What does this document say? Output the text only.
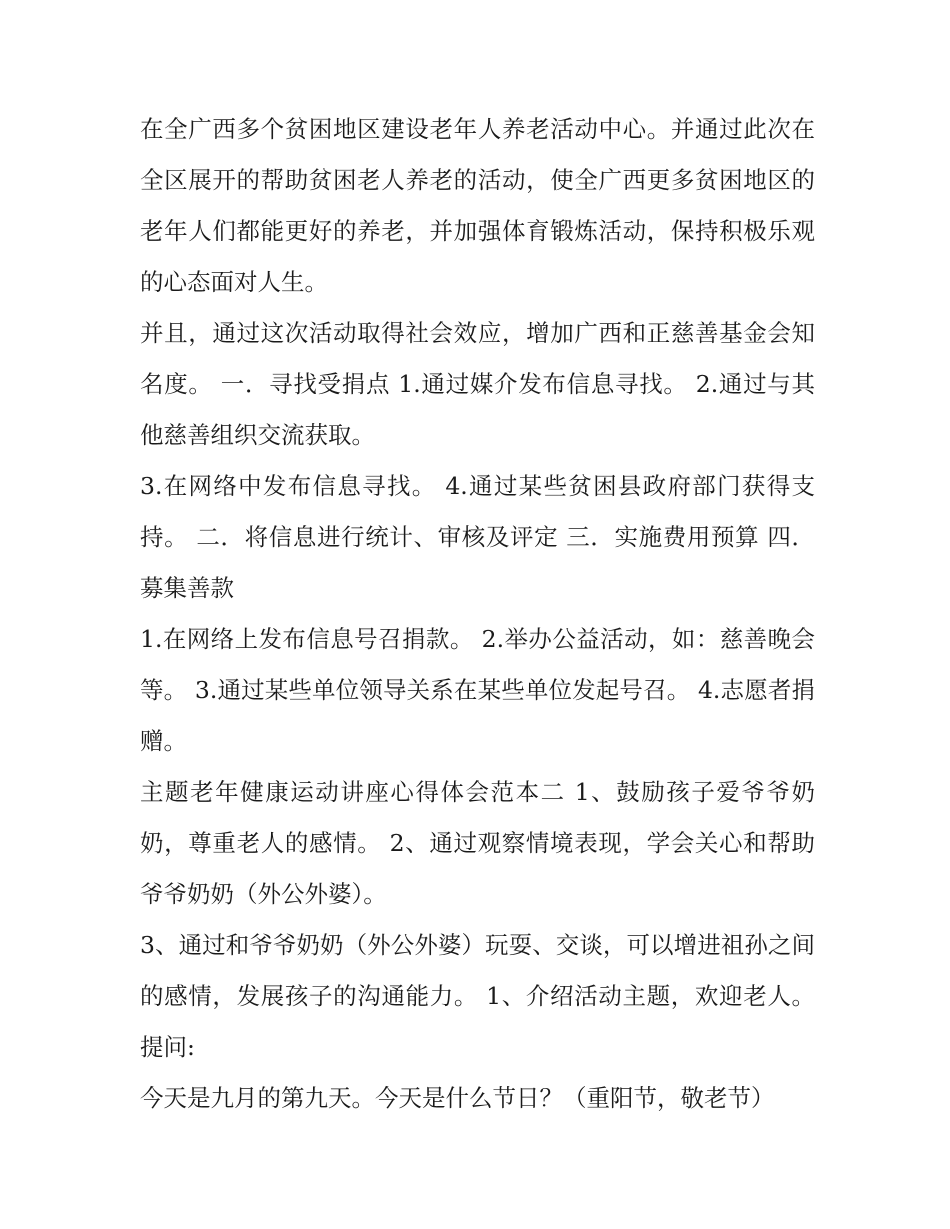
在全广西多个贫困地区建设老年人养老活动中心。并通过此次在全区展开的帮助贫困老人养老的活动，使全广西更多贫困地区的老年人们都能更好的养老，并加强体育锻炼活动，保持积极乐观的心态面对人生。

并且，通过这次活动取得社会效应，增加广西和正慈善基金会知名度。 一．寻找受捐点 1.通过媒介发布信息寻找。 2.通过与其他慈善组织交流获取。

3.在网络中发布信息寻找。 4.通过某些贫困县政府部门获得支持。 二．将信息进行统计、审核及评定 三．实施费用预算 四．募集善款

1.在网络上发布信息号召捐款。 2.举办公益活动，如：慈善晚会等。 3.通过某些单位领导关系在某些单位发起号召。 4.志愿者捐赠。

主题老年健康运动讲座心得体会范本二 1、鼓励孩子爱爷爷奶奶，尊重老人的感情。 2、通过观察情境表现，学会关心和帮助爷爷奶奶（外公外婆）。

3、通过和爷爷奶奶（外公外婆）玩耍、交谈，可以增进祖孙之间的感情，发展孩子的沟通能力。 1、介绍活动主题，欢迎老人。 提问:

今天是九月的第九天。今天是什么节日？（重阳节，敬老节）
